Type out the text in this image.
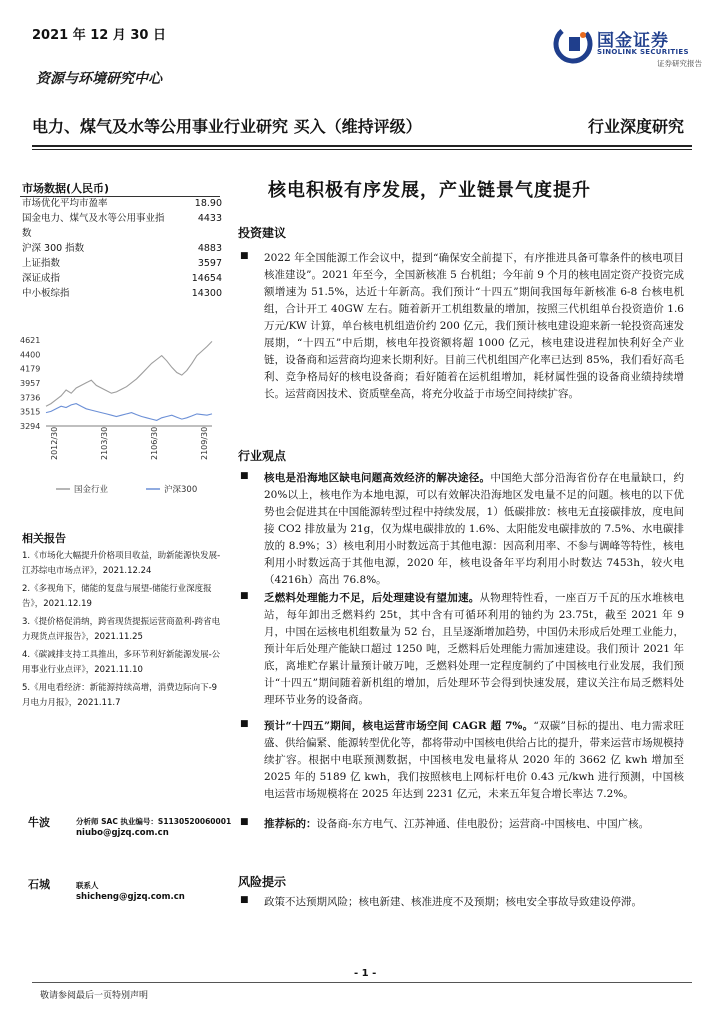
2021 年 12 月 30 日	国金证券
SINOLINK SECURITIES
证券研究报告
资源与环境研究中心
电力、煤气及水等公用事业行业研究 买入（维持评级）	行业深度研究
核电积极有序发展，产业链景气度提升
市场数据(人民币)
市场优化平均市盈率	18.90
国金电力、煤气及水等公用事业指数
4433
沪深 300 指数	4883
上证指数	3597
深证成指	14654
中小板综指	14300
4621
4400
4179
3957
3736
3515
3294
2012/30	2103/30	2106/30	2109/30
国金行业	沪深300
相关报告
1.《市场化大幅提升价格项目收益，助新能源快发展-江苏综电市场点评》，2021.12.24
2.《多视角下，储能的复盘与展望-储能行业深度报告》，2021.12.19
3.《提价格促消纳，跨省现货提振运营商盈利-跨省电力现货点评报告》，2021.11.25
4.《碳减排支持工具推出，多环节利好新能源发展-公用事业行业点评》，2021.11.10
5.《用电看经济：新能源持续高增，消费边际向下-9 月电力月报》，2021.11.7
牛波	分析师 SAC 执业编号：S1130520060001
niubo@gjzq.com.cn
石城	联系人
shicheng@gjzq.com.cn
投资建议
■	2022 年全国能源工作会议中，提到“确保安全前提下，有序推进具备可靠条件的核电项目核准建设”。2021 年至今，全国新核准 5 台机组；今年前 9 个月的核电固定资产投资完成额增速为 51.5%，达近十年新高。我们预计“十四五”期间我国每年新核准 6-8 台核电机组，合计开工 40GW 左右。随着新开工机组数量的增加，按照三代机组单台投资造价 1.6 万元/KW 计算，单台核电机组造价约 200 亿元，我们预计核电建设迎来新一轮投资高速发展期，“十四五”中后期，核电年投资额将超 1000 亿元，核电建设进程加快利好全产业链，设备商和运营商均迎来长期利好。目前三代机组国产化率已达到 85%，我们看好高毛利、竞争格局好的核电设备商；看好随着在运机组增加，耗材属性强的设备商业绩持续增长。运营商因技术、资质壁垒高，将充分收益于市场空间持续扩容。
行业观点
■	核电是沿海地区缺电问题高效经济的解决途径。中国绝大部分沿海省份存在电量缺口，约 20%以上，核电作为本地电源，可以有效解决沿海地区发电量不足的问题。核电的以下优势也会促进其在中国能源转型过程中持续发展，1）低碳排放：核电无直接碳排放，度电间接 CO2 排放量为 21g，仅为煤电碳排放的 1.6%、太阳能发电碳排放的 7.5%、水电碳排放的 8.9%；3）核电利用小时数远高于其他电源：因高利用率、不参与调峰等特性，核电利用小时数远高于其他电源，2020 年，核电设备年平均利用小时数达 7453h，较火电（4216h）高出 76.8%。
■	乏燃料处理能力不足，后处理建设有望加速。从物理特性看，一座百万千瓦的压水堆核电站，每年卸出乏燃料约 25t，其中含有可循环利用的铀约为 23.75t，截至 2021 年 9 月，中国在运核电机组数量为 52 台，且呈逐渐增加趋势，中国仍未形成后处理工业能力，预计年后处理产能缺口超过 1250 吨，乏燃料后处理能力需加速建设。我们预计 2021 年底，离堆贮存累计量预计破万吨，乏燃料处理一定程度制约了中国核电行业发展，我们预计“十四五”期间随着新机组的增加，后处理环节会得到快速发展，建议关注布局乏燃料处理环节业务的设备商。
■	预计“十四五”期间，核电运营市场空间 CAGR 超 7%。“双碳”目标的提出、电力需求旺盛、供给偏紧、能源转型优化等，都将带动中国核电供给占比的提升，带来运营市场规模持续扩容。根据中电联预测数据，中国核电发电量将从 2020 年的 3662 亿 kwh 增加至 2025 年的 5189 亿 kwh，我们按照核电上网标杆电价 0.43 元/kwh 进行预测，中国核电运营市场规模将在 2025 年达到 2231 亿元，未来五年复合增长率达 7.2%。
■	推荐标的：设备商-东方电气、江苏神通、佳电股份；运营商-中国核电、中国广核。
风险提示
■	政策不达预期风险；核电新建、核准进度不及预期；核电安全事故导致建设停滞。
- 1 -
敬请参阅最后一页特别声明
